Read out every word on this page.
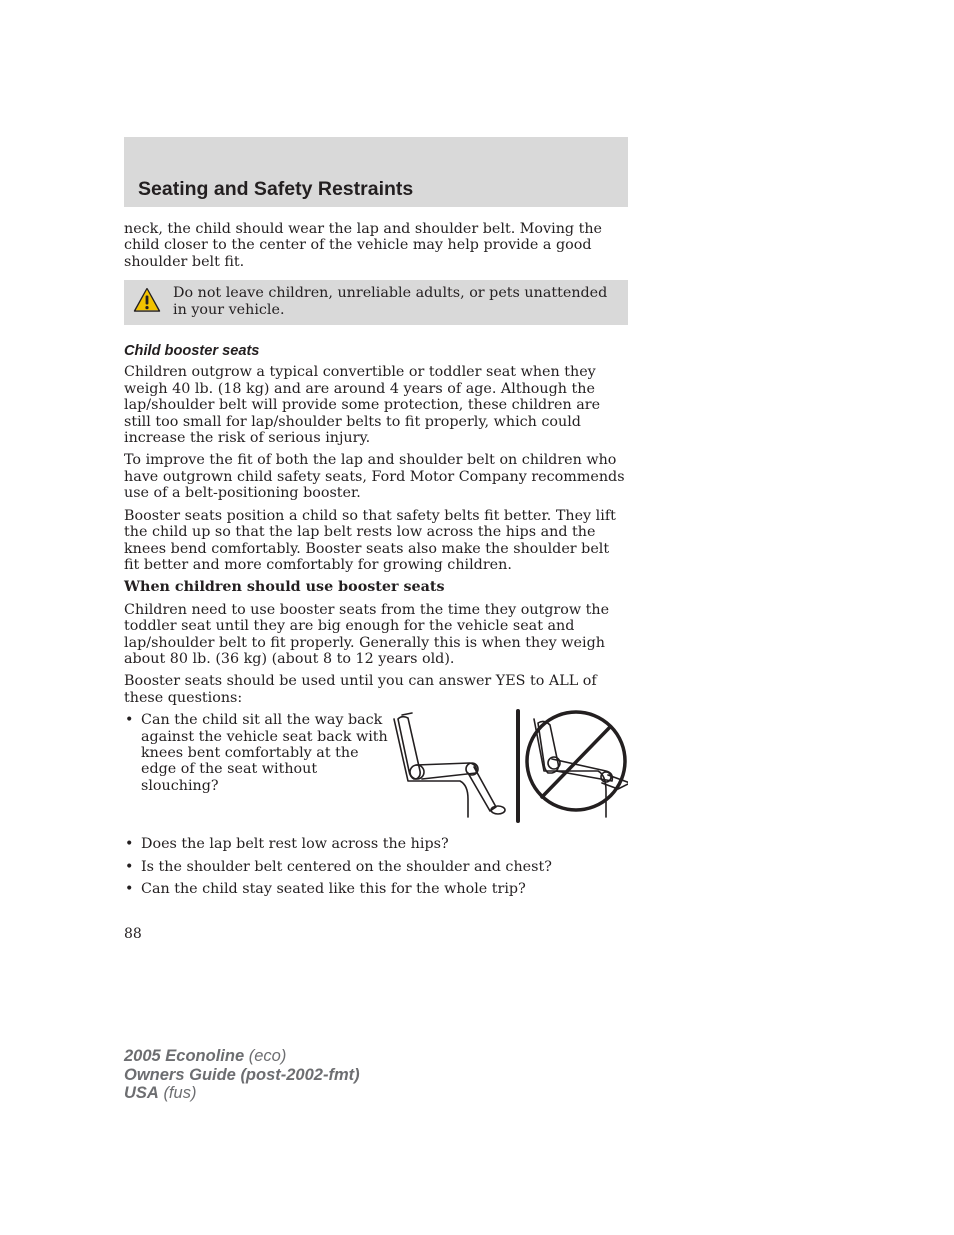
Seating and Safety Restraints

neck, the child should wear the lap and shoulder belt. Moving the child closer to the center of the vehicle may help provide a good shoulder belt fit.

Do not leave children, unreliable adults, or pets unattended in your vehicle.
Child booster seats

Children outgrow a typical convertible or toddler seat when they weigh 40 lb. (18 kg) and are around 4 years of age. Although the lap/shoulder belt will provide some protection, these children are still too small for lap/shoulder belts to fit properly, which could increase the risk of serious injury.

To improve the fit of both the lap and shoulder belt on children who have outgrown child safety seats, Ford Motor Company recommends use of a belt-positioning booster.

Booster seats position a child so that safety belts fit better. They lift the child up so that the lap belt rests low across the hips and the knees bend comfortably. Booster seats also make the shoulder belt fit better and more comfortably for growing children.

When children should use booster seats

Children need to use booster seats from the time they outgrow the toddler seat until they are big enough for the vehicle seat and lap/shoulder belt to fit properly. Generally this is when they weigh about 80 lb. (36 kg) (about 8 to 12 years old).

Booster seats should be used until you can answer YES to ALL of these questions:

• Can the child sit all the way back against the vehicle seat back with knees bent comfortably at the edge of the seat without slouching?
• Does the lap belt rest low across the hips?
• Is the shoulder belt centered on the shoulder and chest?
• Can the child stay seated like this for the whole trip?
88
2005 Econoline (eco)
Owners Guide (post-2002-fmt)
USA (fus)
